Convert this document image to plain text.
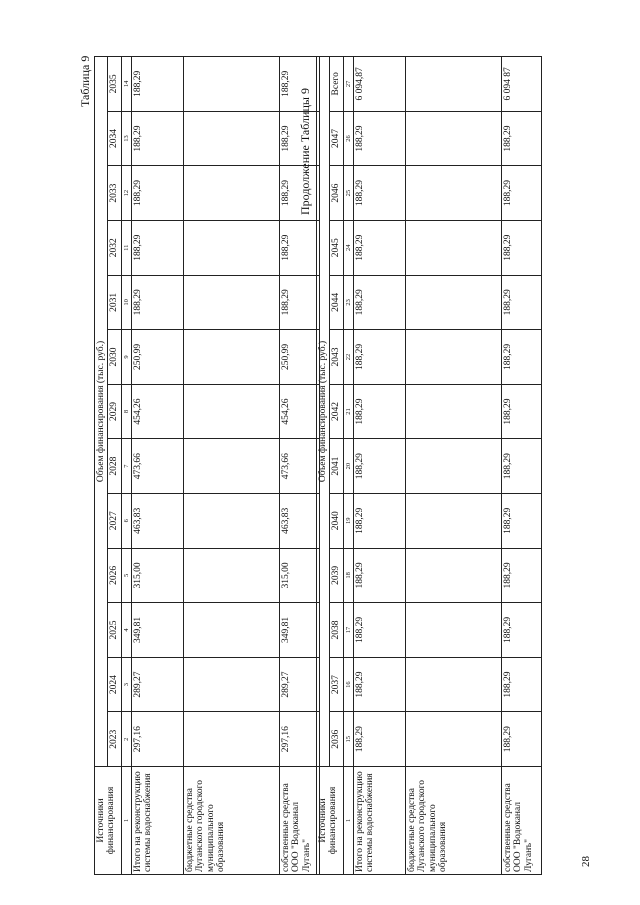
28
Таблица 9
Источники финансирования	Объем финансирования (тыс. руб.)												
	2023	2024	2025	2026	2027	2028	2029	2030	2031	2032	2033	2034	2035
1	2	3	4	5	6	7	8	9	10	11	12	13	14
Итого на реконструкцию системы водоснабжения	297,16	289,27	349,81	315,00	463,83	473,66	454,26	250,99	188,29	188,29	188,29	188,29	188,29
бюджетные средства Луганского городского муниципального образования													
собственные средства ООО "Водоканал Луганъ"	297,16	289,27	349,81	315,00	463,83	473,66	454,26	250,99	188,29	188,29	188,29	188,29	188,29
Продолжение Таблицы 9
Источники финансирования	Объем финансирования (тыс. руб.)												
	2036	2037	2038	2039	2040	2041	2042	2043	2044	2045	2046	2047	Всего
1	15	16	17	18	19	20	21	22	23	24	25	26	27
Итого на реконструкцию системы водоснабжения	188,29	188,29	188,29	188,29	188,29	188,29	188,29	188,29	188,29	188,29	188,29	188,29	6 094,87
бюджетные средства Луганского городского муниципального образования													
собственные средства ООО "Водоканал Луганъ"	188,29	188,29	188,29	188,29	188,29	188,29	188,29	188,29	188,29	188,29	188,29	188,29	6 094 87
